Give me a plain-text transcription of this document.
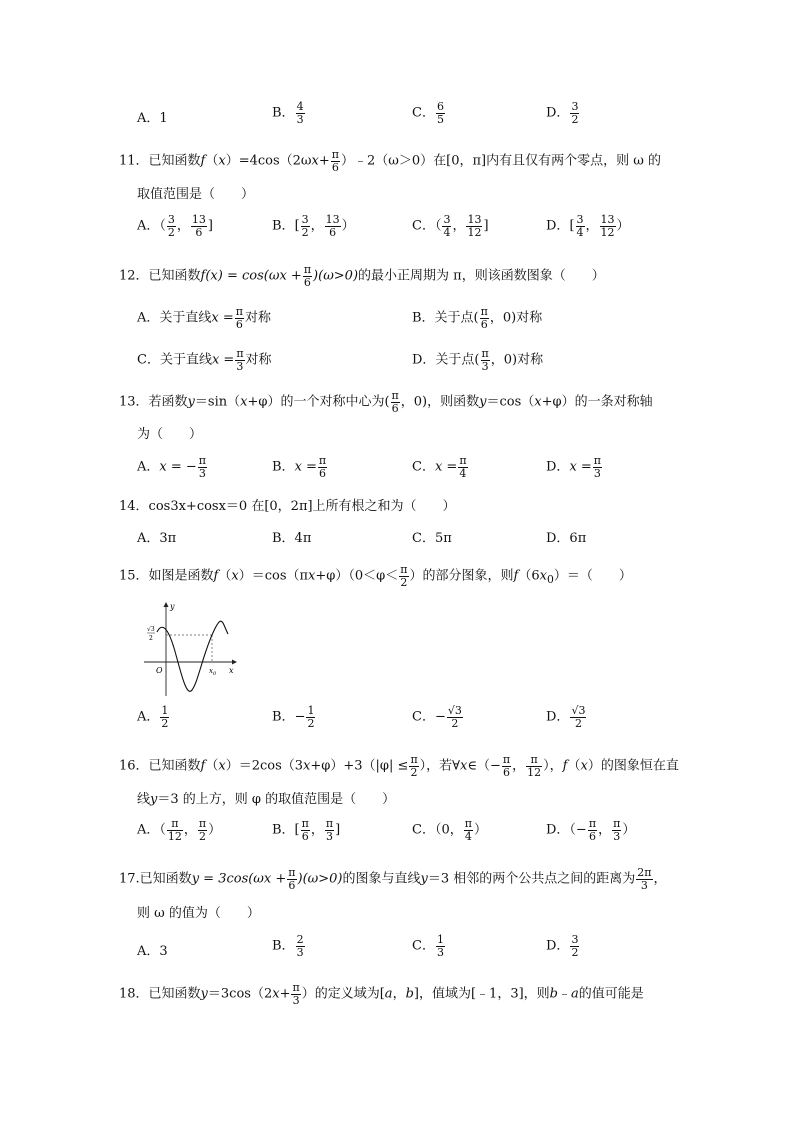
A．1	B． $\frac{4}{3}$	C． $\frac{6}{5}$	D． $\frac{3}{2}$
11．已知函数$f(x)=4\cos(2\omega x+ \frac{\pi}{6}$ ）﹣2（ω＞0）在[0，π]内有且仅有两个零点，则 ω 的
取值范围是（　　）
A．（ $\frac{3}{2}$ ， $\frac{13}{6}$ ]	B．[ $\frac{3}{2}$ ， $\frac{13}{6}$ ）	C．（ $\frac{3}{4}$ ， $\frac{13}{12}$ ]	D．[ $\frac{3}{4}$ ， $\frac{13}{12}$ ）
12．已知函数$f(x) = \cos(\omega x + \frac{\pi}{6} )(\omega>0)$的最小正周期为 π，则该函数图象（　　）
A．关于直线$x = \frac{\pi}{6}$ 对称	B．关于点( $\frac{\pi}{6}$ ，0)对称
C．关于直线$x = \frac{\pi}{3}$ 对称	D．关于点( $\frac{\pi}{3}$ ，0)对称
13．若函数y＝sin（x+φ）的一个对称中心为( $\frac{\pi}{6}$ ，0)，则函数y＝cos（x+φ）的一条对称轴
为（　　）
A．x = − $\frac{\pi}{3}$	B．$x = \frac{\pi}{6}$	C．$x = \frac{\pi}{4}$	D．$x = \frac{\pi}{3}$
14．cos3x+cosx＝0 在[0，2π]上所有根之和为（　　）
A．3π	B．4π	C．5π	D．6π
15．如图是函数$f(x)=\cos(\pi x+\varphi)(0<\varphi< \frac{\pi}{2}$ ）的部分图象，则$f(6x_0)=$（　　）
y
x
O	$x_0$
√3
2
A． $\frac{1}{2}$	B．− $\frac{1}{2}$	C．− $\frac{√3}{2}$	D． $\frac{√3}{2}$
16．已知函数$f(x)=2\cos(3x+\varphi)+3(|\varphi| \le \frac{\pi}{2}$ ），若∀x∈（− $\frac{\pi}{6}$ ， $\frac{\pi}{12}$ ），f（x）的图象恒在直
线y＝3 的上方，则 φ 的取值范围是（　　）
A．（ $\frac{\pi}{12}$ ， $\frac{\pi}{2}$ ）	B．[ $\frac{\pi}{6}$ ， $\frac{\pi}{3}$ ]	C．（0， $\frac{\pi}{4}$ ）	D．（− $\frac{\pi}{6}$ ， $\frac{\pi}{3}$ ）
17.已知函数$y = 3\cos(\omega x + \frac{\pi}{6} )(\omega>0)$的图象与直线y＝3 相邻的两个公共点之间的距离为 $\frac{2\pi}{3}$ ，
则 ω 的值为（　　）
A．3	B． $\frac{2}{3}$	C． $\frac{1}{3}$	D． $\frac{3}{2}$
18．已知函数$y=3\cos(2x+ \frac{\pi}{3}$ ）的定义域为[a，b]，值域为[﹣1，3]，则b﹣a的值可能是
